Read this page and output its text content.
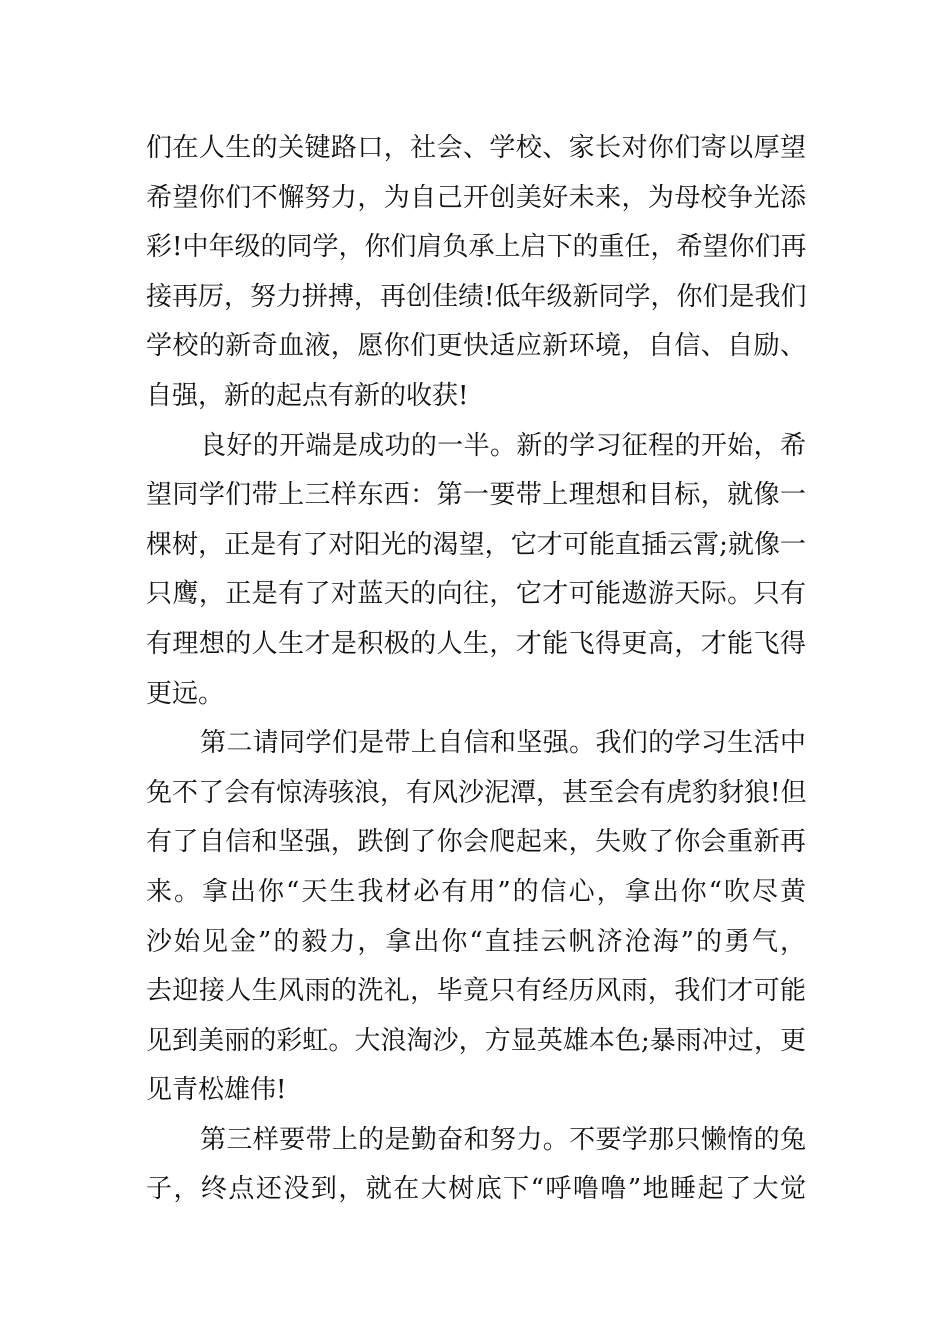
们在人生的关键路口，社会、学校、家长对你们寄以厚望
希望你们不懈努力，为自己开创美好未来，为母校争光添
彩!中年级的同学，你们肩负承上启下的重任，希望你们再
接再厉，努力拼搏，再创佳绩!低年级新同学，你们是我们
学校的新奇血液，愿你们更快适应新环境，自信、自励、
自强，新的起点有新的收获!
良好的开端是成功的一半。新的学习征程的开始，希
望同学们带上三样东西：第一要带上理想和目标，就像一
棵树，正是有了对阳光的渴望，它才可能直插云霄;就像一
只鹰，正是有了对蓝天的向往，它才可能遨游天际。只有
有理想的人生才是积极的人生，才能飞得更高，才能飞得
更远。
第二请同学们是带上自信和坚强。我们的学习生活中
免不了会有惊涛骇浪，有风沙泥潭，甚至会有虎豹豺狼!但
有了自信和坚强，跌倒了你会爬起来，失败了你会重新再
来。拿出你“天生我材必有用”的信心，拿出你“吹尽黄
沙始见金”的毅力，拿出你“直挂云帆济沧海”的勇气，
去迎接人生风雨的洗礼，毕竟只有经历风雨，我们才可能
见到美丽的彩虹。大浪淘沙，方显英雄本色;暴雨冲过，更
见青松雄伟!
第三样要带上的是勤奋和努力。不要学那只懒惰的兔
子，终点还没到，就在大树底下“呼噜噜”地睡起了大觉
